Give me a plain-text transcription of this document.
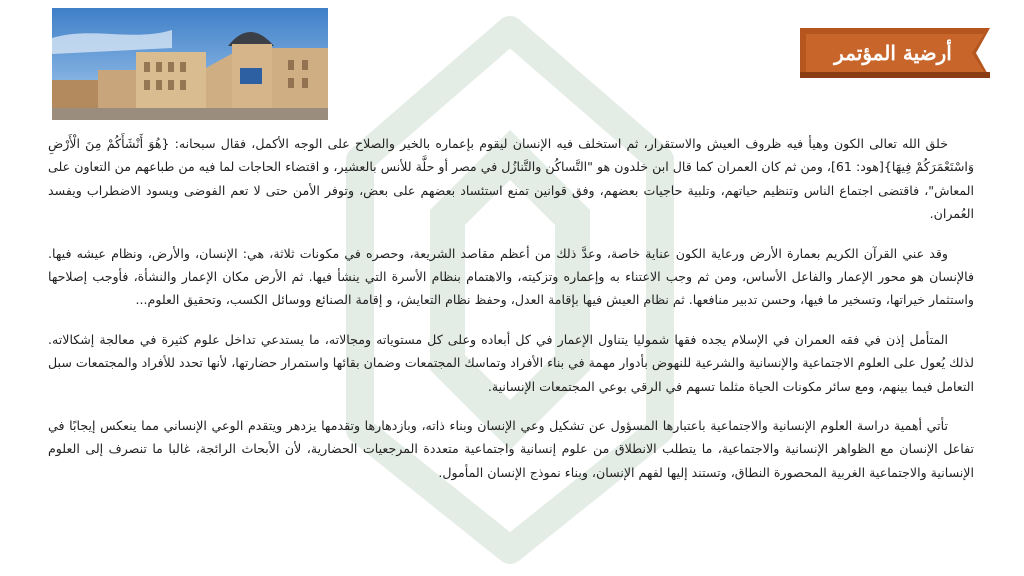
أرضية المؤتمر

خلق الله تعالى الكون وهيأ فيه ظروف العيش والاستقرار، ثم استخلف فيه الإنسان ليقوم بإعماره بالخير والصلاح على الوجه الأكمل، فقال سبحانه: {هُوَ أَنْشَأَكُمْ مِنَ الْأَرْضِ وَاسْتَعْمَرَكُمْ فِيهَا}[هود: 61]، ومن ثم كان العمران كما قال ابن خلدون هو "التَّساكُن والتَّنازُل في مصر أو حلَّة للأنس بالعشير، و اقتضاء الحاجات لما فيه من طباعهم من التعاون على المعاش"، فاقتضى اجتماع الناس وتنظيم حياتهم، وتلبية حاجيات بعضهم، وفق قوانين تمنع استئساد بعضهم على بعض، وتوفر الأمن حتى لا تعم الفوضى ويسود الاضطراب ويفسد العُمران.

وقد عني القرآن الكريم بعمارة الأرض ورعاية الكون عناية خاصة، وعدَّ ذلك من أعظم مقاصد الشريعة، وحصره في مكونات ثلاثة، هي: الإنسان، والأرض، ونظام عيشه فيها. فالإنسان هو محور الإعمار والفاعل الأساس، ومن ثم وجب الاعتناء به وإعماره وتزكيته، والاهتمام بنظام الأسرة التي ينشأ فيها. ثم الأرض مكان الإعمار والنشأة، فأوجب إصلاحها واستثمار خيراتها، وتسخير ما فيها، وحسن تدبير منافعها. ثم نظام العيش فيها بإقامة العدل، وحفظ نظام التعايش، و إقامة الصنائع ووسائل الكسب، وتحقيق العلوم...

المتأمل إذن في فقه العمران في الإسلام يجده فقها شموليا يتناول الإعمار في كل أبعاده وعلى كل مستوياته ومجالاته، ما يستدعي تداخل علوم كثيرة في معالجة إشكالاته. لذلك يُعول على العلوم الاجتماعية والإنسانية والشرعية للنهوض بأدوار مهمة في بناء الأفراد وتماسك المجتمعات وضمان بقائها واستمرار حضارتها، لأنها تحدد للأفراد والمجتمعات سبل التعامل فيما بينهم، ومع سائر مكونات الحياة مثلما تسهم في الرقي بوعي المجتمعات الإنسانية.

تأتي أهمية دراسة العلوم الإنسانية والاجتماعية باعتبارها المسؤول عن تشكيل وعي الإنسان وبناء ذاته، وبازدهارها وتقدمها يزدهر ويتقدم الوعي الإنساني مما ينعكس إيجابًا في تفاعل الإنسان مع الظواهر الإنسانية والاجتماعية، ما يتطلب الانطلاق من علوم إنسانية واجتماعية متعددة المرجعيات الحضارية، لأن الأبحاث الرائجة، غالبا ما تنصرف إلى العلوم الإنسانية والاجتماعية الغربية المحصورة النطاق، وتستند إليها لفهم الإنسان، وبناء نموذج الإنسان المأمول.
